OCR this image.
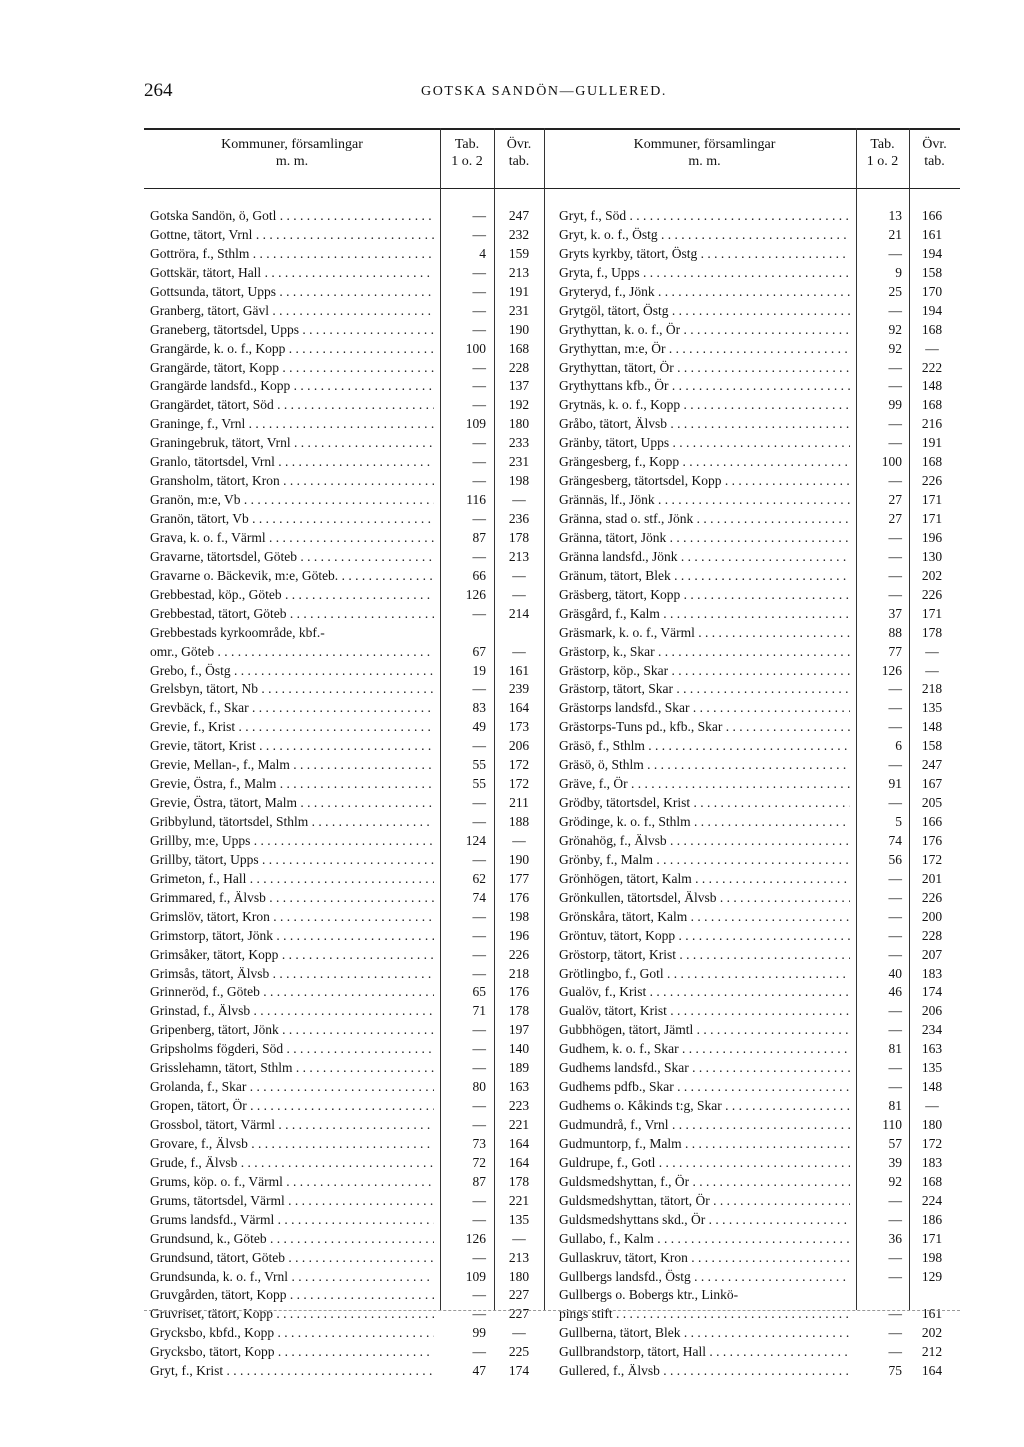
264	GOTSKA SANDÖN—GULLERED.
Kommuner, församlingar
m. m.
Tab.
1 o. 2
Övr.
tab.
Gotska Sandön, ö, Gotl . . .	—	247
Gottne, tätort, Vrnl . . .	—	232
Gottröra, f., Sthlm . . .	4	159
Gottskär, tätort, Hall . . .	—	213
Gottsunda, tätort, Upps . . .	—	191
Granberg, tätort, Gävl . . .	—	231
Graneberg, tätortsdel, Upps . . .	—	190
Grangärde, k. o. f., Kopp . . .	100	168
Grangärde, tätort, Kopp . . .	—	228
Grangärde landsfd., Kopp . . .	—	137
Grangärdet, tätort, Söd . . .	—	192
Graninge, f., Vrnl . . .	109	180
Graningebruk, tätort, Vrnl . . .	—	233
Granlo, tätortsdel, Vrnl . . .	—	231
Gransholm, tätort, Kron . . .	—	198
Granön, m:e, Vb . . .	116	—
Granön, tätort, Vb . . .	—	236
Grava, k. o. f., Värml . . .	87	178
Gravarne, tätortsdel, Göteb . . .	—	213
Gravarne o. Bäckevik, m:e, Göteb. . . .	66	—
Grebbestad, köp., Göteb . . .	126	—
Grebbestad, tätort, Göteb . . .	—	214
Grebbestads kyrkoområde, kbf.-
omr., Göteb . . .	67	—
Grebo, f., Östg . . .	19	161
Grelsbyn, tätort, Nb . . .	—	239
Grevbäck, f., Skar . . .	83	164
Grevie, f., Krist . . .	49	173
Grevie, tätort, Krist . . .	—	206
Grevie, Mellan-, f., Malm . . .	55	172
Grevie, Östra, f., Malm . . .	55	172
Grevie, Östra, tätort, Malm . . .	—	211
Gribbylund, tätortsdel, Sthlm . . .	—	188
Grillby, m:e, Upps . . .	124	—
Grillby, tätort, Upps . . .	—	190
Grimeton, f., Hall . . .	62	177
Grimmared, f., Älvsb . . .	74	176
Grimslöv, tätort, Kron . . .	—	198
Grimstorp, tätort, Jönk . . .	—	196
Grimsåker, tätort, Kopp . . .	—	226
Grimsås, tätort, Älvsb . . .	—	218
Grinneröd, f., Göteb . . .	65	176
Grinstad, f., Älvsb . . .	71	178
Gripenberg, tätort, Jönk . . .	—	197
Gripsholms fögderi, Söd . . .	—	140
Grisslehamn, tätort, Sthlm . . .	—	189
Grolanda, f., Skar . . .	80	163
Gropen, tätort, Ör . . .	—	223
Grossbol, tätort, Värml . . .	—	221
Grovare, f., Älvsb . . .	73	164
Grude, f., Älvsb . . .	72	164
Grums, köp. o. f., Värml . . .	87	178
Grums, tätortsdel, Värml . . .	—	221
Grums landsfd., Värml . . .	—	135
Grundsund, k., Göteb . . .	126	—
Grundsund, tätort, Göteb . . .	—	213
Grundsunda, k. o. f., Vrnl . . .	109	180
Gruvgården, tätort, Kopp . . .	—	227
Gruvriset, tätort, Kopp . . .	—	227
Grycksbo, kbfd., Kopp . . .	99	—
Grycksbo, tätort, Kopp . . .	—	225
Gryt, f., Krist . . .	47	174
Kommuner, församlingar
m. m.
Tab.
1 o. 2
Övr.
tab.
Gryt, f., Söd . . .	13	166
Gryt, k. o. f., Östg . . .	21	161
Gryts kyrkby, tätort, Östg . . .	—	194
Gryta, f., Upps . . .	9	158
Gryteryd, f., Jönk . . .	25	170
Grytgöl, tätort, Östg . . .	—	194
Grythyttan, k. o. f., Ör . . .	92	168
Grythyttan, m:e, Ör . . .	92	—
Grythyttan, tätort, Ör . . .	—	222
Grythyttans kfb., Ör . . .	—	148
Grytnäs, k. o. f., Kopp . . .	99	168
Gråbo, tätort, Älvsb . . .	—	216
Gränby, tätort, Upps . . .	—	191
Grängesberg, f., Kopp . . .	100	168
Grängesberg, tätortsdel, Kopp . . .	—	226
Grännäs, lf., Jönk . . .	27	171
Gränna, stad o. stf., Jönk . . .	27	171
Gränna, tätort, Jönk . . .	—	196
Gränna landsfd., Jönk . . .	—	130
Gränum, tätort, Blek . . .	—	202
Gräsberg, tätort, Kopp . . .	—	226
Gräsgård, f., Kalm . . .	37	171
Gräsmark, k. o. f., Värml . . .	88	178
Grästorp, k., Skar . . .	77	—
Grästorp, köp., Skar . . .	126	—
Grästorp, tätort, Skar . . .	—	218
Grästorps landsfd., Skar . . .	—	135
Grästorps-Tuns pd., kfb., Skar . . .	—	148
Gräsö, f., Sthlm . . .	6	158
Gräsö, ö, Sthlm . . .	—	247
Gräve, f., Ör . . .	91	167
Grödby, tätortsdel, Krist . . .	—	205
Grödinge, k. o. f., Sthlm . . .	5	166
Grönahög, f., Älvsb . . .	74	176
Grönby, f., Malm . . .	56	172
Grönhögen, tätort, Kalm . . .	—	201
Grönkullen, tätortsdel, Älvsb . . .	—	226
Grönskåra, tätort, Kalm . . .	—	200
Gröntuv, tätort, Kopp . . .	—	228
Gröstorp, tätort, Krist . . .	—	207
Grötlingbo, f., Gotl . . .	40	183
Gualöv, f., Krist . . .	46	174
Gualöv, tätort, Krist . . .	—	206
Gubbhögen, tätort, Jämtl . . .	—	234
Gudhem, k. o. f., Skar . . .	81	163
Gudhems landsfd., Skar . . .	—	135
Gudhems pdfb., Skar . . .	—	148
Gudhems o. Kåkinds t:g, Skar . . .	81	—
Gudmundrå, f., Vrnl . . .	110	180
Gudmuntorp, f., Malm . . .	57	172
Guldrupe, f., Gotl . . .	39	183
Guldsmedshyttan, f., Ör . . .	92	168
Guldsmedshyttan, tätort, Ör . . .	—	224
Guldsmedshyttans skd., Ör . . .	—	186
Gullabo, f., Kalm . . .	36	171
Gullaskruv, tätort, Kron . . .	—	198
Gullbergs landsfd., Östg . . .	—	129
Gullbergs o. Bobergs ktr., Linkö-
pings stift . . .	—	161
Gullberna, tätort, Blek . . .	—	202
Gullbrandstorp, tätort, Hall . . .	—	212
Gullered, f., Älvsb . . .	75	164
